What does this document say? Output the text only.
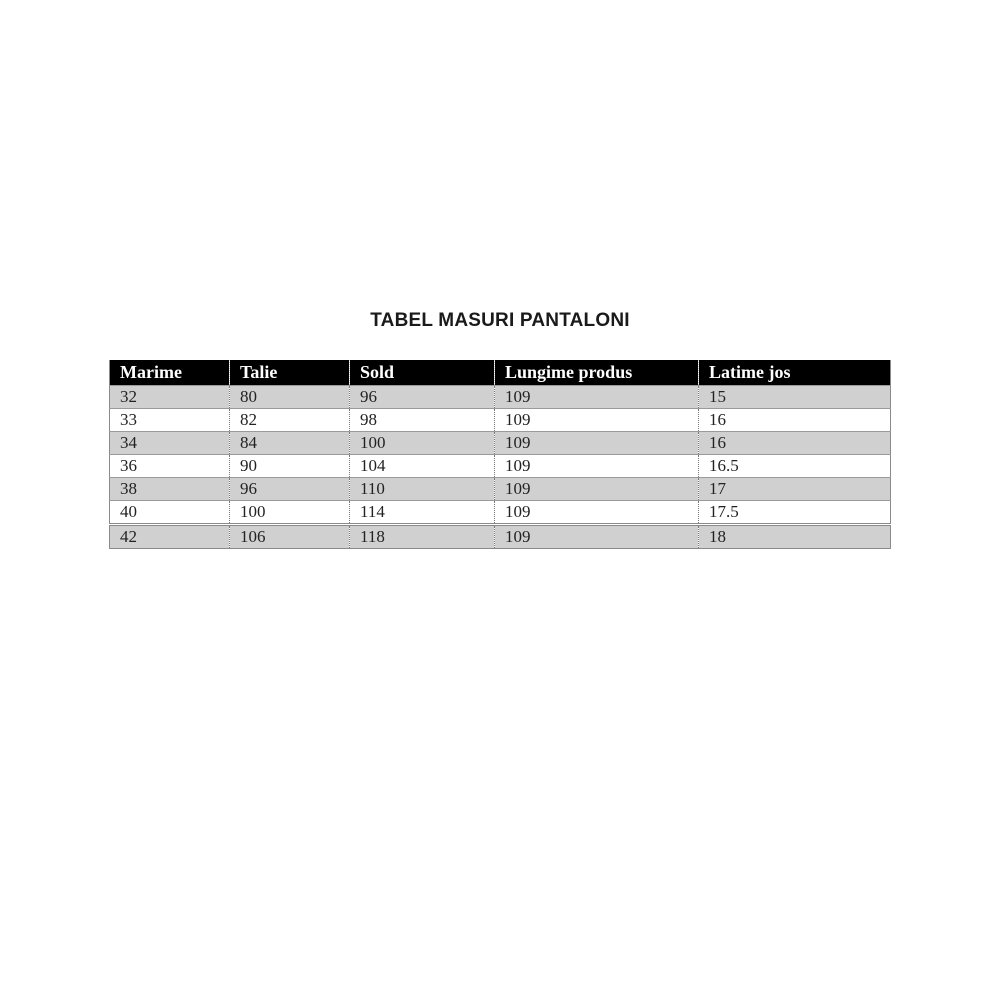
TABEL MASURI PANTALONI
Marime	Talie	Sold	Lungime produs	Latime jos
32	80	96	109	15
33	82	98	109	16
34	84	100	109	16
36	90	104	109	16.5
38	96	110	109	17
40	100	114	109	17.5
42	106	118	109	18
